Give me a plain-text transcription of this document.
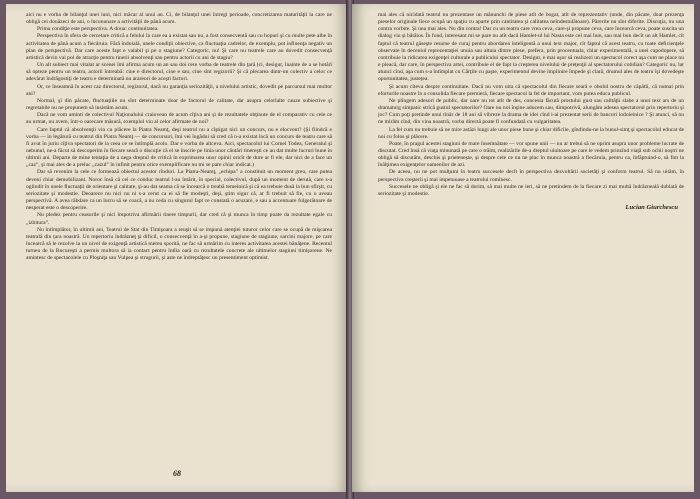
aici nu e vorba de bilanţul unei luni, nici măcar al unui an. Ci, de bilanţul unei întregi perioade, concretizarea maturităţii la care ne obligă cei douăzeci de ani, o încununare a activităţii de până acum.

Prima condiţie este perspectiva. A doua: continuitatea.

Perspectiva în sfera de cercetare critică a felului în care ea a existat sau nu, a fost consecventă sau cu hopuri şi cu multe pete albe în activitatea de până acum a fiecăruia. Fără îndoială, unele condiţii obiective, ca fluctuaţia cadrelor, de exemplu, pot influenţa negativ un plan de perspectivă. Dar care aceste fapt e valabil şi pe o stagiune? Categoric, nu! Şi care nu teatrele care au dovedit consecvenţă artistică devin vai pol de atracţie pentru tinerii absolvenţi sau pentru actorii cu ani de stagiu?

Un alt subiect mai vitalat ar scenei îmi afirma acum un an sau doi cere vorba de teatrele din ţară (ci, desigur, înainte de a se hotărî să opteze pentru un teatru, actorii întreabă: cine e directorul, cine e sau, cine sînt regizorii? Şi că plecarea dintr-un colectiv a celor ce adevărat îndrăgostiţi de teatru e determinată nu arareori de aceşti factori.

Or, ce înseamnă în acest caz directorul, regizorul, dacă nu garanţia seriozităţii, a nivelului artistic, dovedit pe parcursul mai multor ani?

Normal, şi din păcate, fluctuaţiile nu sînt determinate doar de factorul de calitate, dar asupra celorlalte cauze subiective şi regretabile nu ne propunem să insistăm acum.

Dacă ne vom aminti de colectivul Naţionalului craiovean de acum cîţiva ani şi de rezultatele obţinute de el comparativ cu cele ce au urmat, nu avem, într-o oarecare măsură, exemplul viu al celor afirmate de noi?

Care faptul că absolvenţii vin cu plăcere la Piatra Neamţ, deşi teatrul nu a cîştigat nici un concurs, nu e elocvent? (Şi fiindcă e vorba — în legătură cu teatrul din Piatra Neamţ — de concursuri, îmi vei îngădui să cred că n-a existat încă un concurs de teatru care să fi avut în juriu cîţiva spectatori de la ceea ce se întîmplă acolo. Dar e vorba de altceva. Aici, spectacolul lui Cornel Todea, Generalul şi nebunul, ne-a făcut să descoperim în fiecare seară o discuţie că el se înscrie pe linia unor căutări tinereşti ce au dat multe lucruri bune în ultimii ani. Departe de mine tentaţia de a nega dreptul de critică în exprimarea unor opinii oricît de dure ar fi ele, dar nici de a face un „caz”, şi mai ales de a preluc „cazul” în infinit pentru orice exemplificare nu mi se pare chiar indicat.)

Dar să revenim la cele ce formează obiectul acestor rînduri. La Piatra-Neamţ, „echipa” a constituit un moment greu, care putea deveni chiar demobilizant. Noroc însă că cei ce conduc teatrul l-au întărit, în special, colectivul, după un moment de derută, care s-a oglindit în unele fluctuaţii de orientare şi calitate, şi-au dat seama că se încearcă o treabă temeinică şi că ea trebuie dusă la bun sfîrşit, cu seriozitate şi modestie. Deoarece nu nici nu ni s-a cerut ca ei să fie modeşti, deşi, ştim sigur că, ar fi trebuit să fie, cu o aveau perspectivă. A avea răbdare ca un lucru să se coacă, a nu ceda cu singurul fapt ce constată o acuzare, e sau a accentuare fulgerătoare de nesperat este o descoperire.

Nu pledez pentru ceasurile şi nici împotriva afirmării tinere timpurii, dar cred că şi munca în timp poate da rezultate egale cu „izbitura”.

Nu întîmplător, în ultimii ani, Teatrul de Stat din Timişoara a reuşit să se impună atenţiei tuturor celor care se ocupă de mişcarea teatrală din ţara noastră. Un repertoriu îndrăzneţ şi dificil, o consecvenţă în a-şi propune, stagiune de stagiune, sarcini majore, pe care încearcă să le rezolve la un nivel de exigenţă artistică mereu sporită, ne fac să urmărim cu interes activitatea acestei bănăţene. Recentul turneu de la Bucureşti a permis multora să ia contact pentru întîia oară cu rezultatele concrete ale ultimelor stagiuni timişorene. Ne amintesc de spectacolele cu Ploşniţa sau Vulpea şi strugurii, şi aste ne îndreptăţesc un presentiment optimist.

68

mai ales că nicidată teatrul nu prezentase un mănunchi de piese atît de bogat, atît de reprezentativ (unde, din păcate, doar prezenţa pieselor originale fiece ocupă un spaţiu cu aparte prin cantitatea şi calitatea neîndestulătoare). Părerile nu sînt diferite. Discuţia, nu una contra vorbite. Şi una mai ales. Nu din contra! Dar cu un teatru care vrea ceva, care-şi propune ceva, care încearcă ceva, poate suscita un dialog viu şi bătăios. În fond, interesant mi se pare nu atît dacă Hamlet-ul lui Nasta este cel mai bun, sau mai bun decît un alt Hamlet, cît faptul că teatrul găseşte resurse de curaj pentru abordarea inteligentă a unui text major, cît faptul că acest teatru, cu toate deficienţele observate în deceniul reprezentaţiei unuia sau altuia dintre piese, prefera, prin procentuala, chiar experimentală, a unei capodopere, să contribuie la ridicarea exigenţei culturale a publicului spectator. Desigur, e mai uşor să realizezi un spectacol corect aşa cum ne place nu e pleacă, dar care, în perspectiva artei, contribuie el de fapt la creşterea nivelului de preţenţii al spectatorului cotidian? Categoric nu, lar atunci cînd, aşa cum s-a întîmplat cu Cărţile cu paşte, experimentul devine împlinire împede şi clară, drumul ales de teatru îşi dovedeşte oportunitatea, justeţea.

Şi acum cîteva despre continuitate. Dacă nu vom uita că spectacolul din fiecare seară e obolul nostru de căpătîi, că numai prin eforturile noastre în a consolida fiecare premieră, fiecare spectacol la fel de important, vom putea educa publicul.

Ne plîngem adesori de public, dar oare nu tot atît de des, concesia făcută prostului gust sau calităţii slabe a unui text ars de un dramaturg simpatic strică gustul spectatorilor? Oare nu noi înşine aducem sau, dimpotrivă, alungăm adesea spectatorul prin repertoriu şi joc? Cum poţi pretinde unui tînăr de 18 ani să vibreze la drama de idei cînd i-ai prezentat serii de bancuri lodoieinice ? Şi atunci, să nu ne mirăm cînd, din vina noastră, vorba directă poate fi confundată cu vulgaritatea.

La fel cum nu trebuie să ne mire astăzi lungi ale unor piese bune şi chiar dificile, gîndindu-ne la bunul-simţ şi spectacolul educat de noi cu folos şi plăcere.

Poate, în pragul acestei stagiuni de mare însemnătate — vor spune unii — nu ar trebui să ne oprim asupra unor probleme lucrate de discutat. Cred însă că viaţa minunată pe care o trăim, realizările de-a dreptul uluitoare pe care le vedem prinzînd viaţă sub ochii noştri ne obligă să discutăm, deschis şi prietenește, şi despre cele ce nu ne plac în munca noastră a fiecăruia, pentru ca, înfăptuind-o, să fim la înălţimea exigenţelor oamenilor de azi.

De aceea, nu ne pot mulţumi în teatru succesele decît în perspectiva dezvoltării societăţi şi conform teatrul. Să nu uităm, în perspectiva creşterii şi mai impetuoase a teatrului romînesc.

Succesele ne obligă şi ele ne fac să dorim, să mai multe ne ieri, să ne pretindem de la fiecare zi mai multă îndrăzneală dublată de seriozitate şi modestie.

Lucian Giurchescu
